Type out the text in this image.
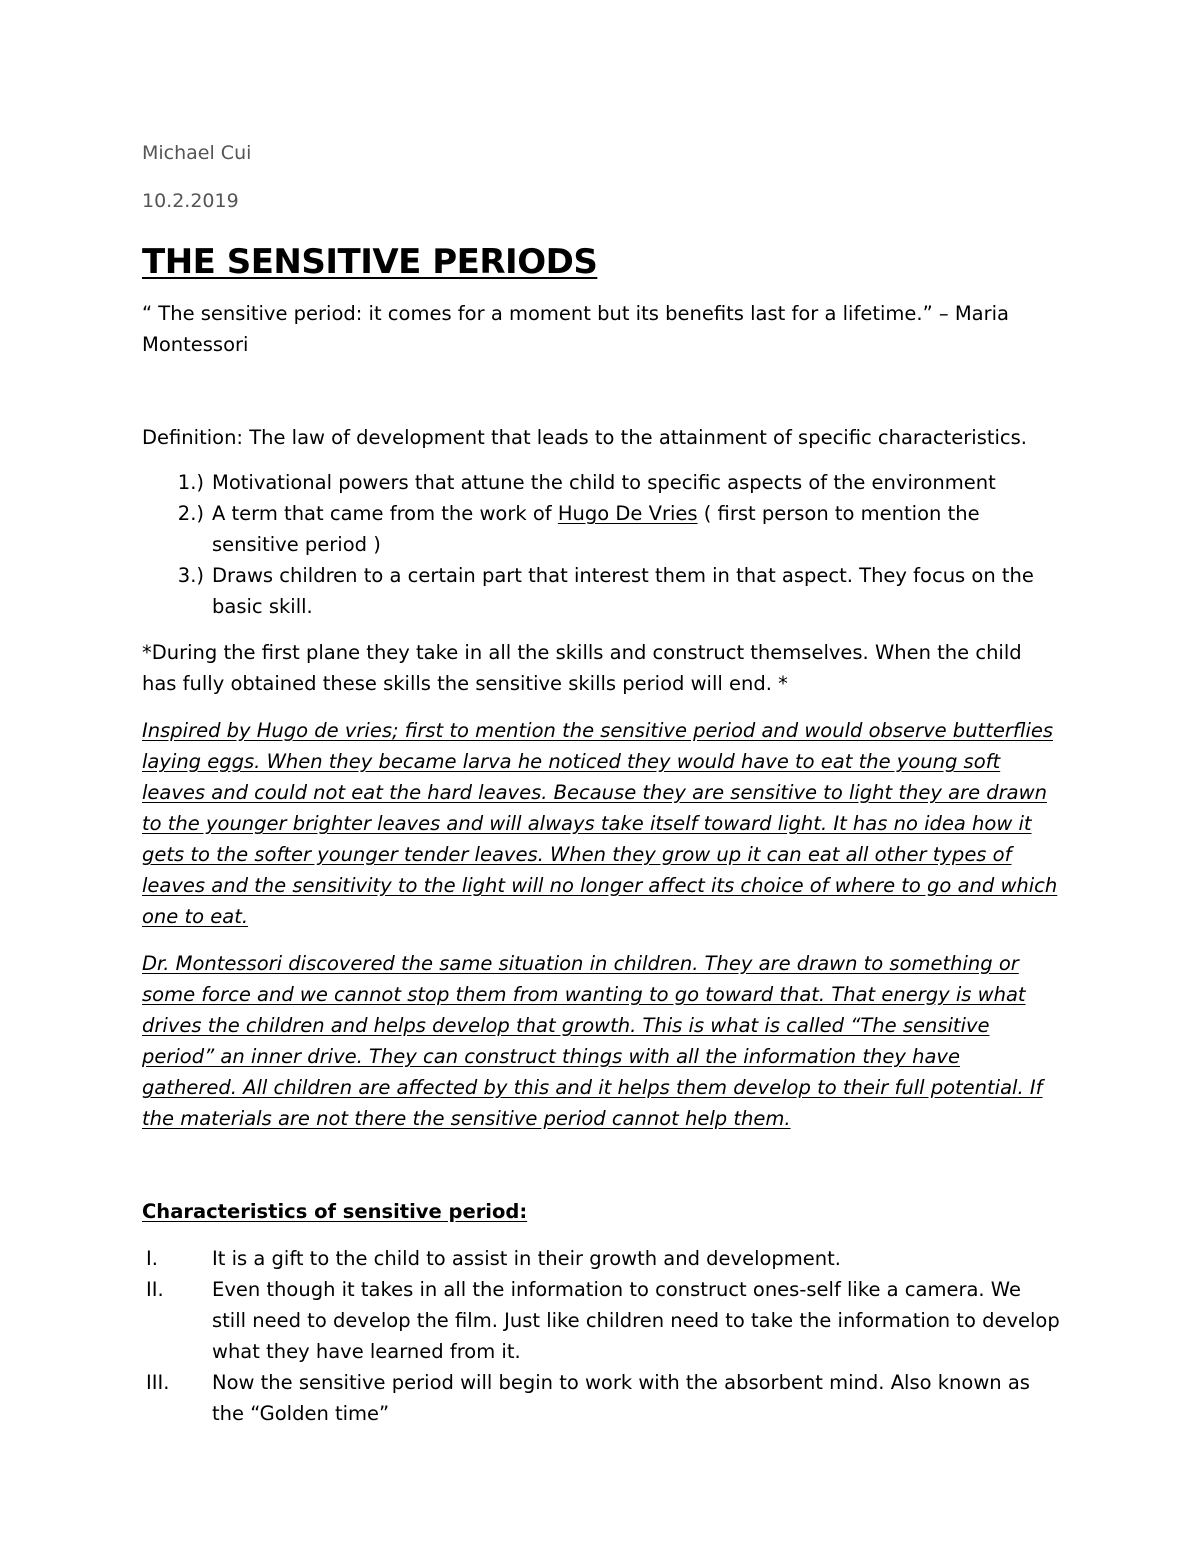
Michael Cui
10.2.2019
THE SENSITIVE PERIODS

“ The sensitive period: it comes for a moment but its benefits last for a lifetime.” – Maria Montessori

Definition: The law of development that leads to the attainment of specific characteristics.

1.) Motivational powers that attune the child to specific aspects of the environment
2.) A term that came from the work of Hugo De Vries ( first person to mention the sensitive period )
3.) Draws children to a certain part that interest them in that aspect. They focus on the basic skill.

*During the first plane they take in all the skills and construct themselves. When the child has fully obtained these skills the sensitive skills period will end. *

Inspired by Hugo de vries; first to mention the sensitive period and would observe butterflies laying eggs. When they became larva he noticed they would have to eat the young soft leaves and could not eat the hard leaves. Because they are sensitive to light they are drawn to the younger brighter leaves and will always take itself toward light. It has no idea how it gets to the softer younger tender leaves. When they grow up it can eat all other types of leaves and the sensitivity to the light will no longer affect its choice of where to go and which one to eat.

Dr. Montessori discovered the same situation in children. They are drawn to something or some force and we cannot stop them from wanting to go toward that. That energy is what drives the children and helps develop that growth. This is what is called “The sensitive period” an inner drive. They can construct things with all the information they have gathered. All children are affected by this and it helps them develop to their full potential. If the materials are not there the sensitive period cannot help them.

Characteristics of sensitive period:

I.	It is a gift to the child to assist in their growth and development.
II.	Even though it takes in all the information to construct ones-self like a camera. We still need to develop the film. Just like children need to take the information to develop what they have learned from it.
III.	Now the sensitive period will begin to work with the absorbent mind. Also known as the “Golden time”
